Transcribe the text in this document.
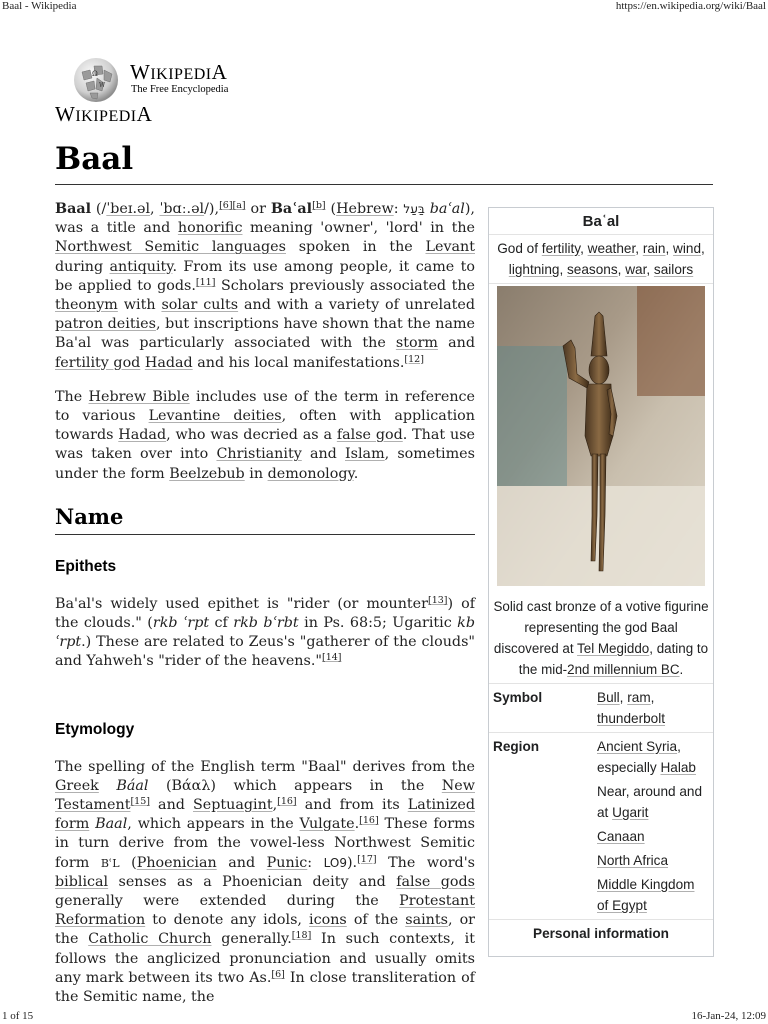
Baal - Wikipedia	https://en.wikipedia.org/wiki/Baal
Ω
W
WIKIPEDIA
The Free Encyclopedia
WIKIPEDIA
Baal

Baal (/ˈbeɪ.əl, ˈbɑː.əl/),[6][a] or Baʿal[b] (Hebrew: בַּעַל baʿal), was a title and honorific meaning 'owner', 'lord' in the Northwest Semitic languages spoken in the Levant during antiquity. From its use among people, it came to be applied to gods.[11] Scholars previously associated the theonym with solar cults and with a variety of unrelated patron deities, but inscriptions have shown that the name Ba'al was particularly associated with the storm and fertility god Hadad and his local manifestations.[12]

The Hebrew Bible includes use of the term in reference to various Levantine deities, often with application towards Hadad, who was decried as a false god. That use was taken over into Christianity and Islam, sometimes under the form Beelzebub in demonology.

Name
Epithets

Ba'al's widely used epithet is "rider (or mounter[13]) of the clouds." (rkb ʿrpt cf rkb bʿrbt in Ps. 68:5; Ugaritic kb ʿrpt.) These are related to Zeus's "gatherer of the clouds" and Yahweh's "rider of the heavens."[14]

Etymology

The spelling of the English term "Baal" derives from the Greek Báal (Βάαλ) which appears in the New Testament[15] and Septuagint,[16] and from its Latinized form Baal, which appears in the Vulgate.[16] These forms in turn derive from the vowel-less Northwest Semitic form BʿL (Phoenician and Punic: LO9).[17] The word's biblical senses as a Phoenician deity and false gods generally were extended during the Protestant Reformation to denote any idols, icons of the saints, or the Catholic Church generally.[18] In such contexts, it follows the anglicized pronunciation and usually omits any mark between its two As.[6] In close transliteration of the Semitic name, the

Baʿal
God of fertility, weather, rain, wind, lightning, seasons, war, sailors
Solid cast bronze of a votive figurine representing the god Baal discovered at Tel Megiddo, dating to the mid-2nd millennium BC.
Symbol	Bull, ram, thunderbolt
Region	Ancient Syria, especially Halab
Near, around and at Ugarit
Canaan
North Africa
Middle Kingdom of Egypt
Personal information
1 of 15	16-Jan-24, 12:09
